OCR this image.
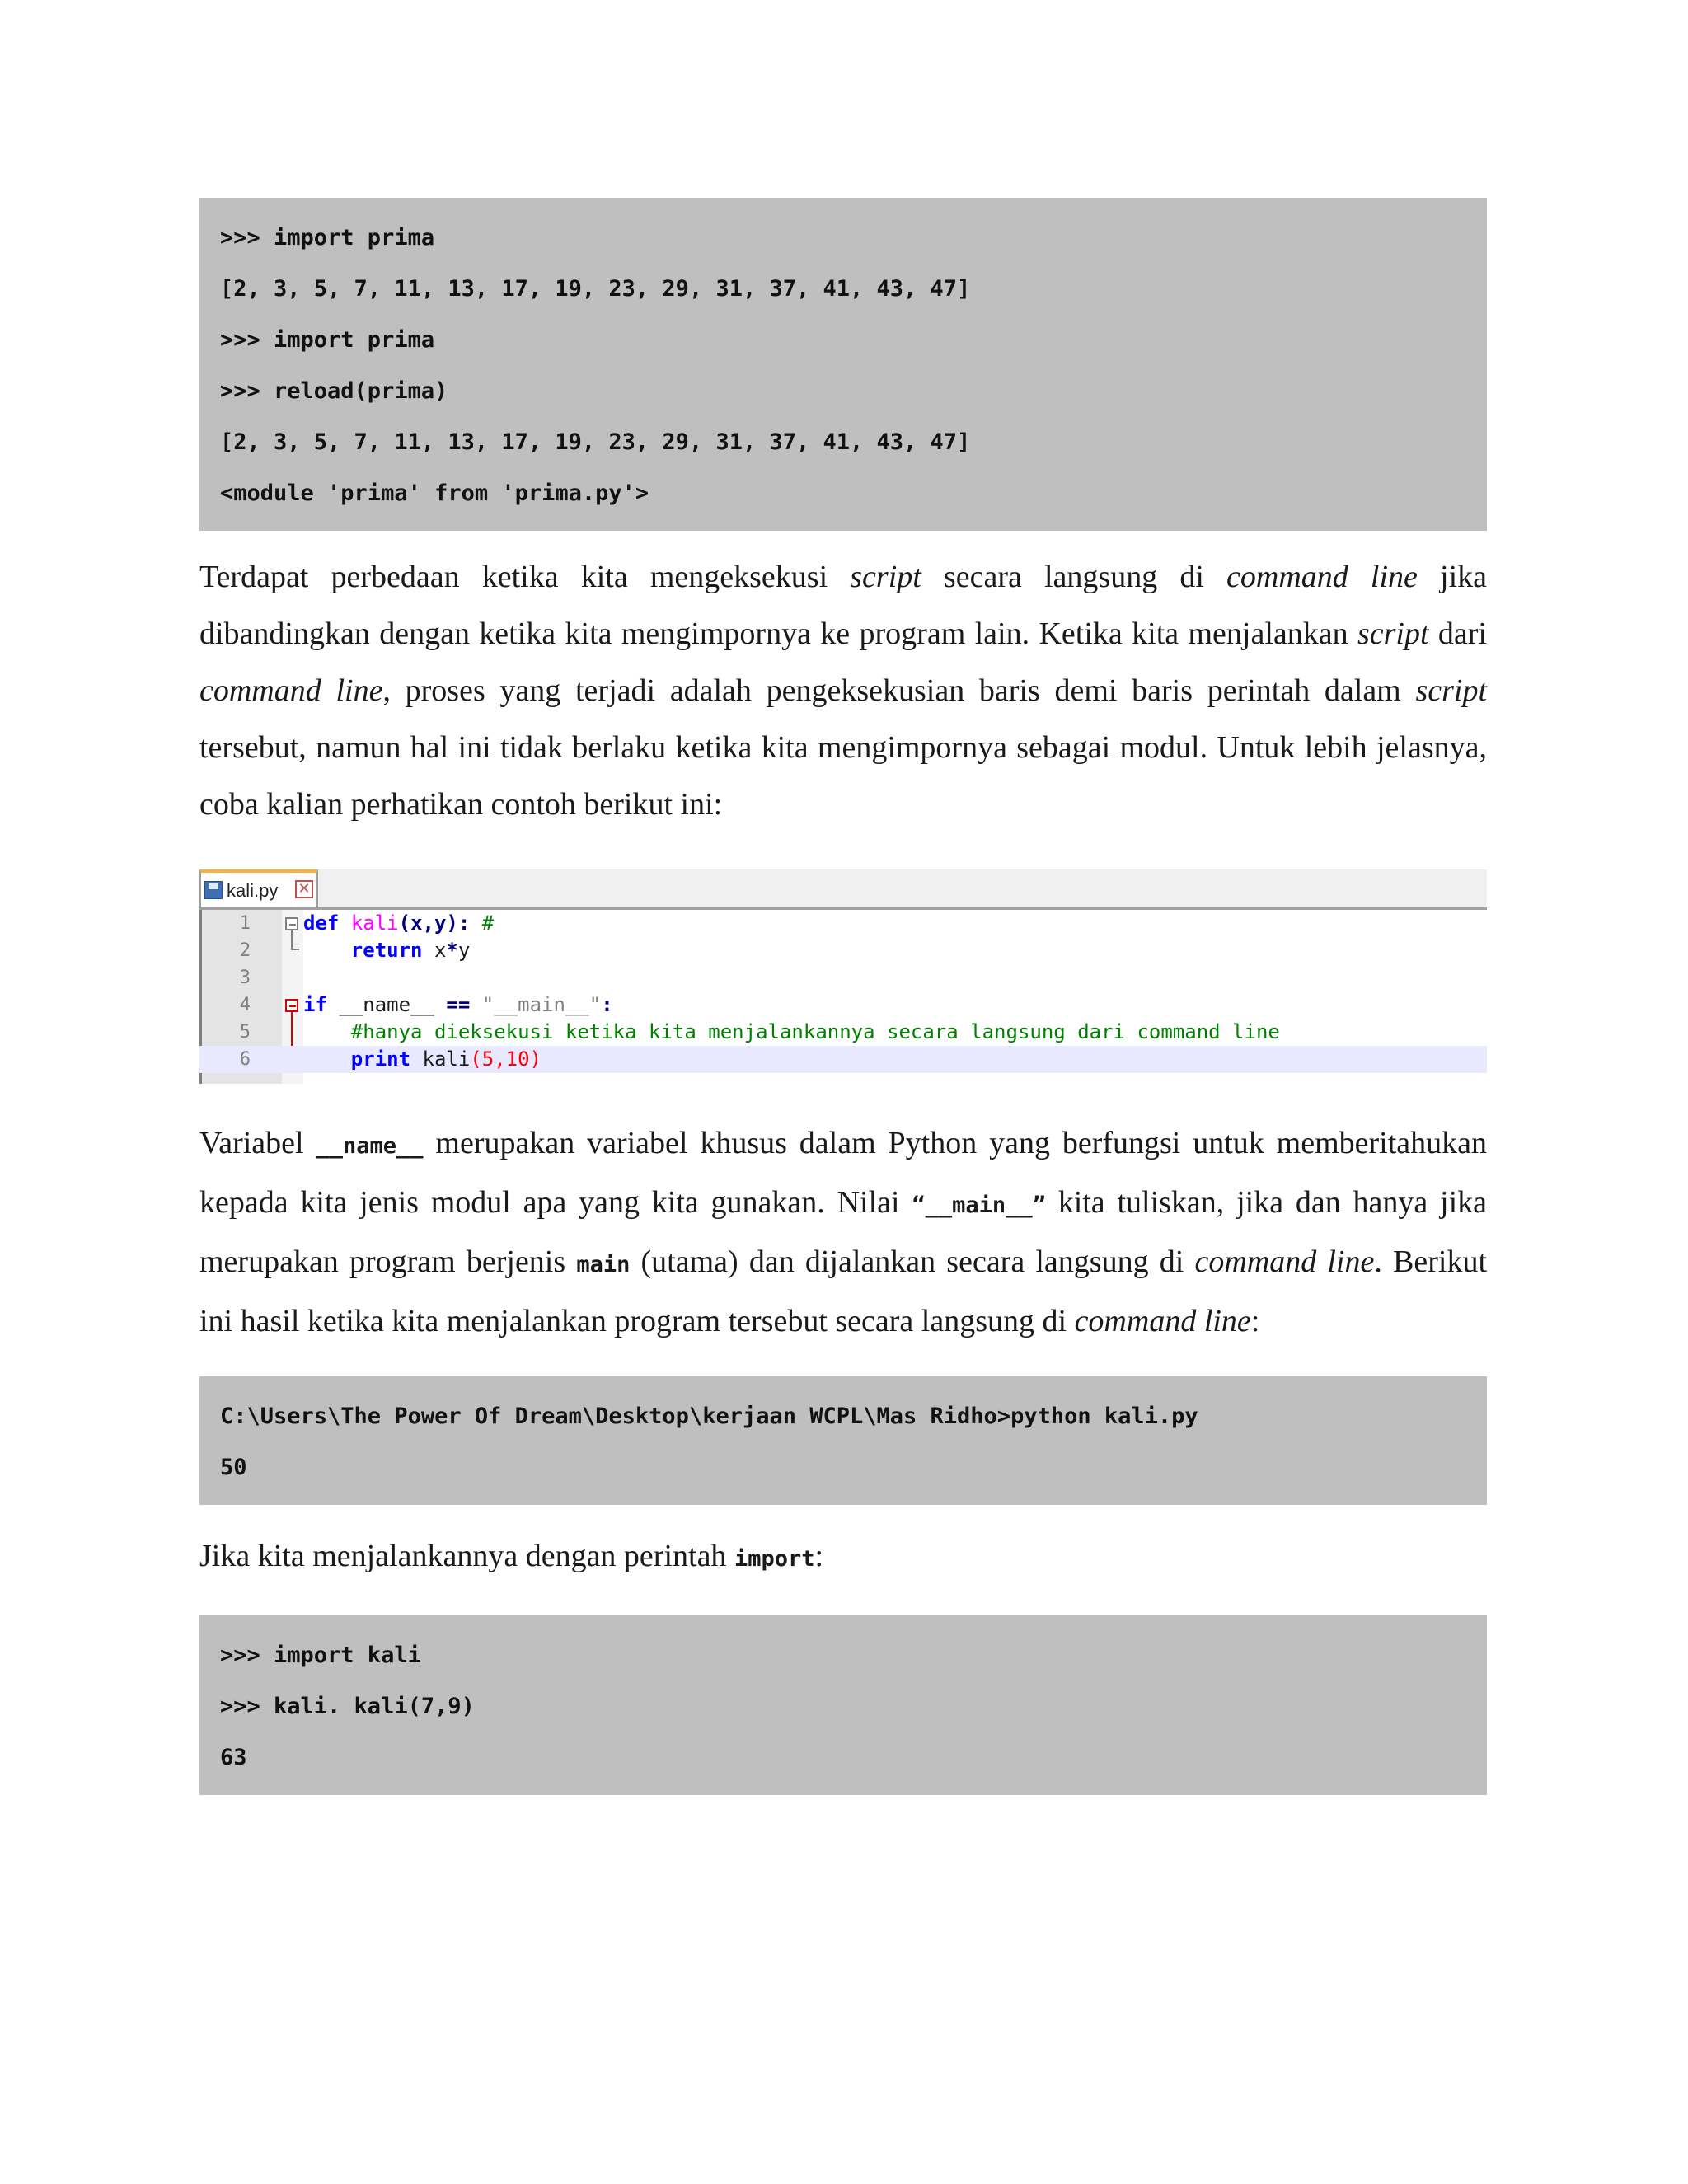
>>> import prima
[2, 3, 5, 7, 11, 13, 17, 19, 23, 29, 31, 37, 41, 43, 47]
>>> import prima
>>> reload(prima)
[2, 3, 5, 7, 11, 13, 17, 19, 23, 29, 31, 37, 41, 43, 47]
<module 'prima' from 'prima.py'>

Terdapat perbedaan ketika kita mengeksekusi script secara langsung di command line jika dibandingkan dengan ketika kita mengimpornya ke program lain. Ketika kita menjalankan script dari command line, proses yang terjadi adalah pengeksekusian baris demi baris perintah dalam script tersebut, namun hal ini tidak berlaku ketika kita mengimpornya sebagai modul. Untuk lebih jelasnya, coba kalian perhatikan contoh berikut ini:

kali.py ✕
1	def kali(x,y): #
2	return x*y
3
4	if __name__ == "__main__":
5	#hanya dieksekusi ketika kita menjalankannya secara langsung dari command line
6	print kali(5,10)

Variabel __name__ merupakan variabel khusus dalam Python yang berfungsi untuk memberitahukan kepada kita jenis modul apa yang kita gunakan. Nilai “__main__” kita tuliskan, jika dan hanya jika merupakan program berjenis main (utama) dan dijalankan secara langsung di command line. Berikut ini hasil ketika kita menjalankan program tersebut secara langsung di command line:

C:\Users\The Power Of Dream\Desktop\kerjaan WCPL\Mas Ridho>python kali.py
50

Jika kita menjalankannya dengan perintah import:

>>> import kali
>>> kali. kali(7,9)
63
